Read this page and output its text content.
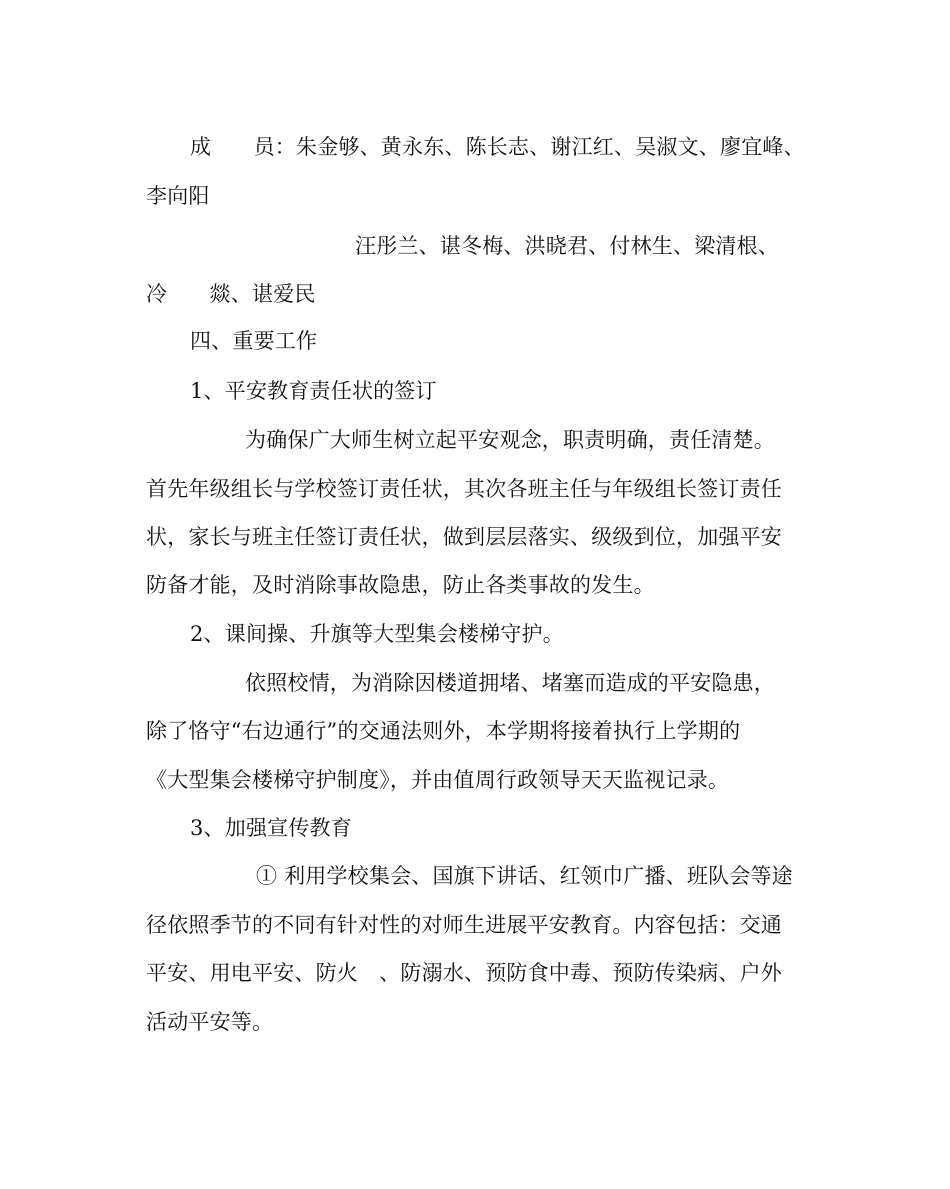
成　　员：朱金够、黄永东、陈长志、谢江红、吴淑文、廖宜峰、
李向阳
汪彤兰、谌冬梅、洪晓君、付林生、梁清根、
冷　　燚、谌爱民
四、重要工作
1、平安教育责任状的签订
为确保广大师生树立起平安观念，职责明确，责任清楚。
首先年级组长与学校签订责任状，其次各班主任与年级组长签订责任
状，家长与班主任签订责任状，做到层层落实、级级到位，加强平安
防备才能，及时消除事故隐患，防止各类事故的发生。
2、课间操、升旗等大型集会楼梯守护。
依照校情，为消除因楼道拥堵、堵塞而造成的平安隐患，
除了恪守“右边通行”的交通法则外，本学期将接着执行上学期的
《大型集会楼梯守护制度》，并由值周行政领导天天监视记录。
3、加强宣传教育
① 利用学校集会、国旗下讲话、红领巾广播、班队会等途
径依照季节的不同有针对性的对师生进展平安教育。内容包括：交通
平安、用电平安、防火　、防溺水、预防食中毒、预防传染病、户外
活动平安等。
